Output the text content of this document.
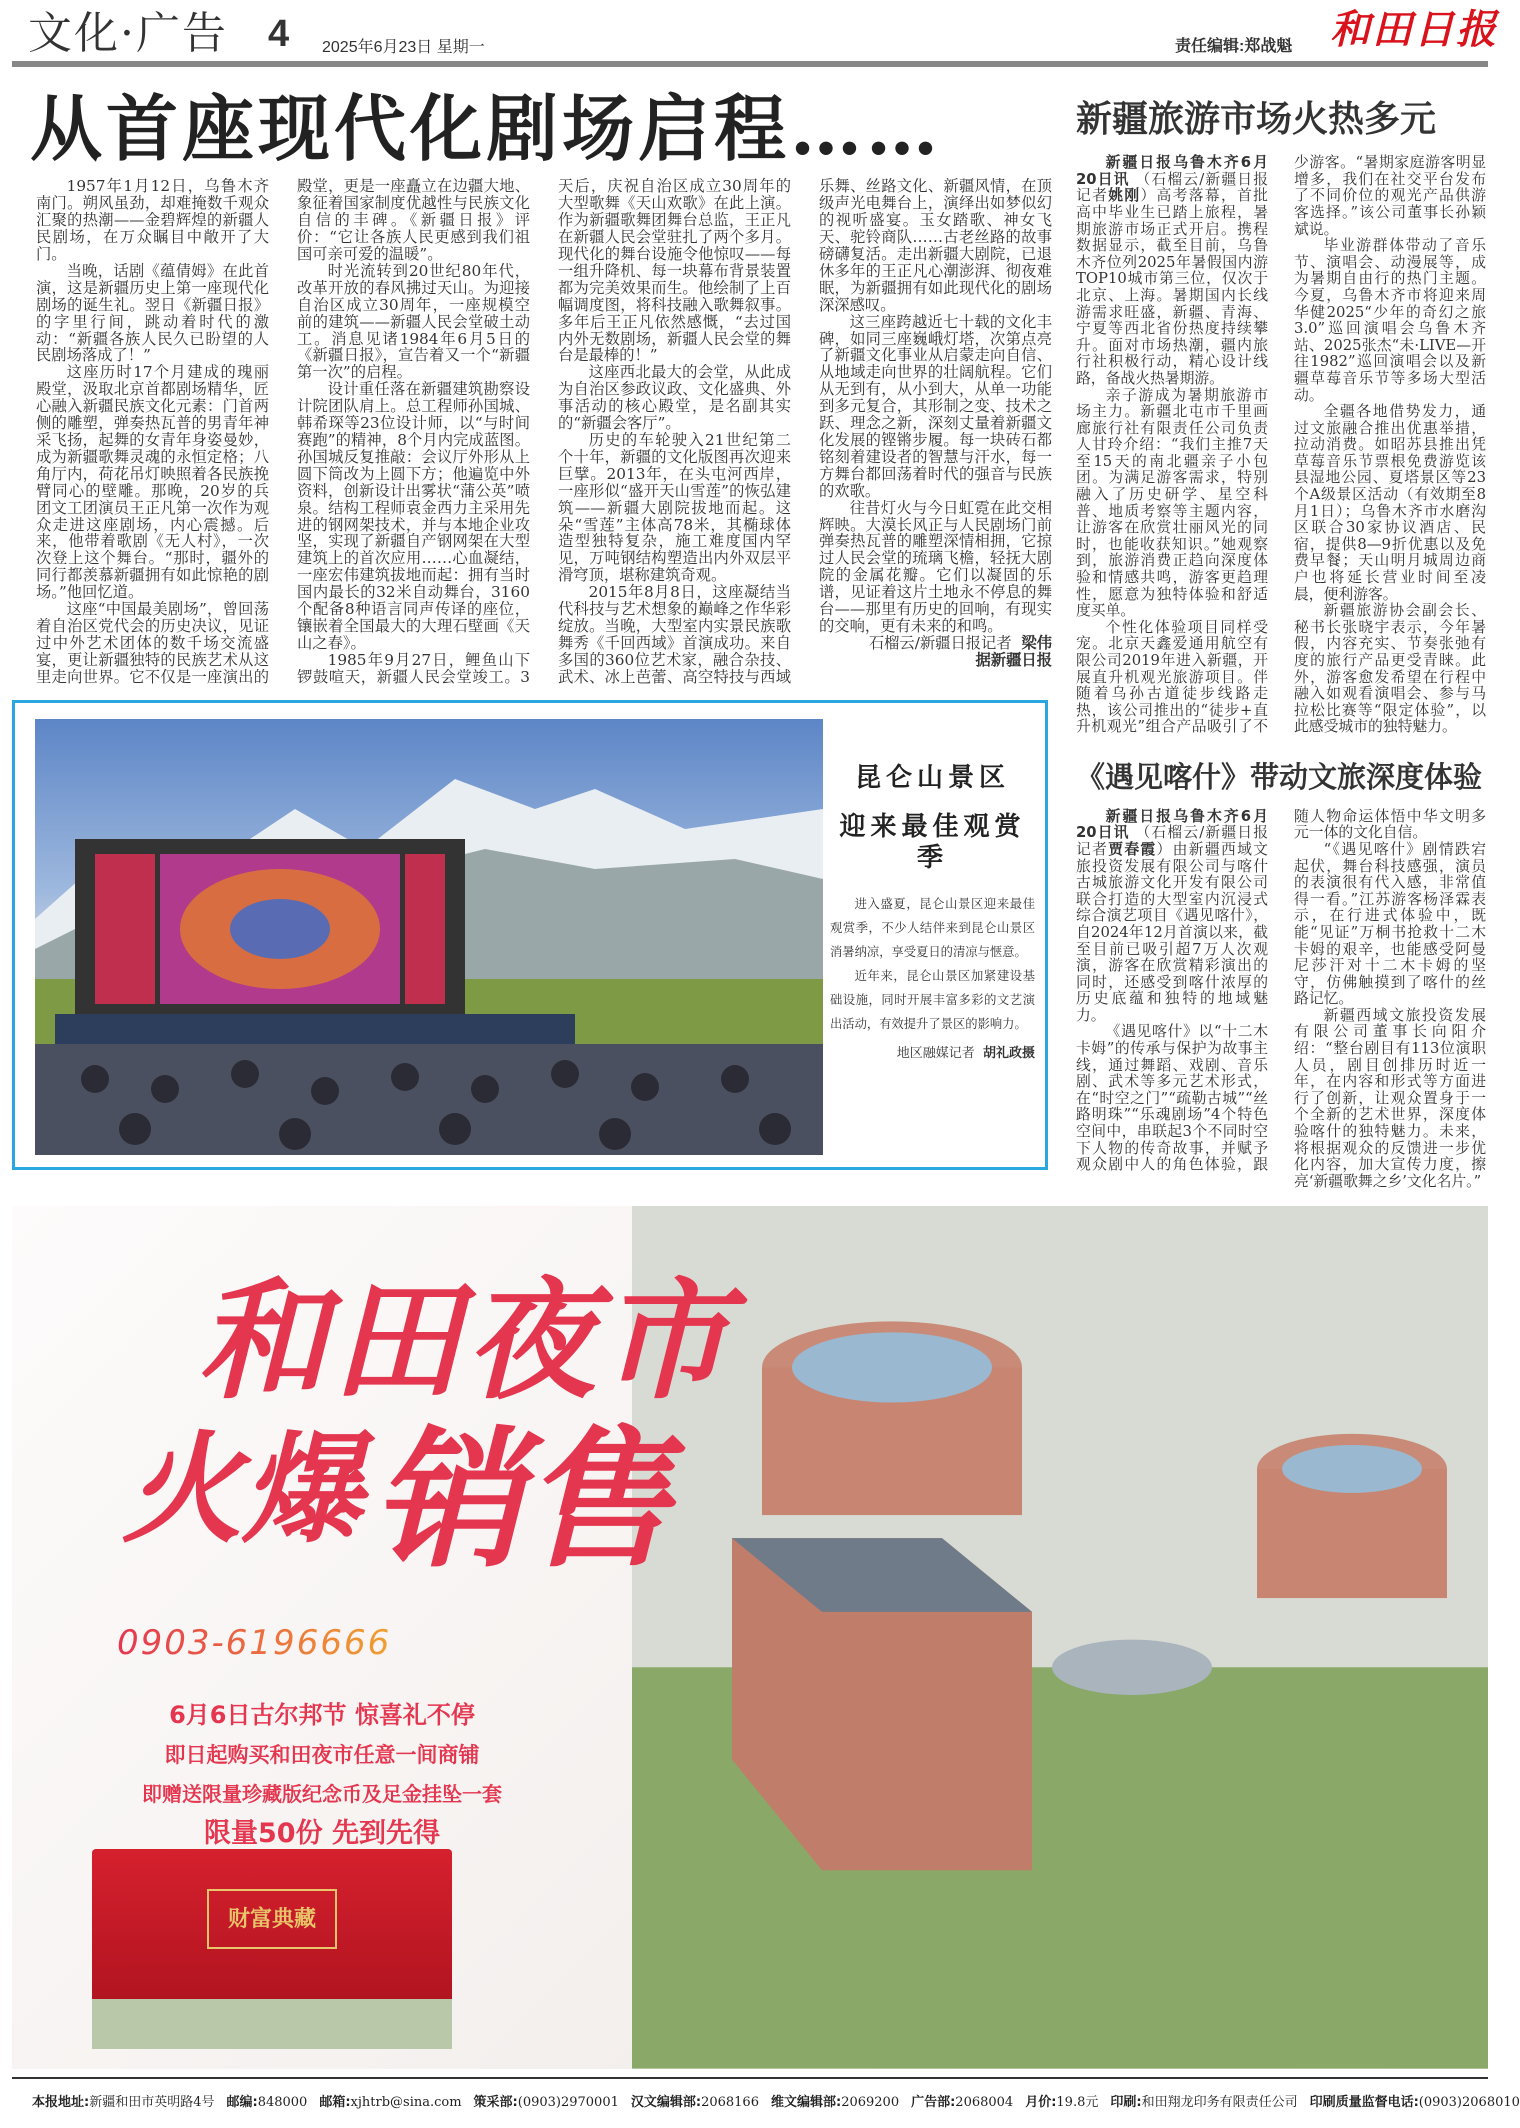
文化·广告 4 2025年6月23日 星期一	责任编辑:郑战魁 和田日报
从首座现代化剧场启程……

1957年1月12日，乌鲁木齐南门。朔风虽劲，却难掩数千观众汇聚的热潮——金碧辉煌的新疆人民剧场，在万众瞩目中敞开了大门。

当晚，话剧《蕴倩姆》在此首演，这是新疆历史上第一座现代化剧场的诞生礼。翌日《新疆日报》的字里行间，跳动着时代的激动：“新疆各族人民久已盼望的人民剧场落成了！”

这座历时17个月建成的瑰丽殿堂，汲取北京首都剧场精华，匠心融入新疆民族文化元素：门首两侧的雕塑，弹奏热瓦普的男青年神采飞扬，起舞的女青年身姿曼妙，成为新疆歌舞灵魂的永恒定格；八角厅内，荷花吊灯映照着各民族挽臂同心的壁雕。那晚，20岁的兵团文工团演员王正凡第一次作为观众走进这座剧场，内心震撼。后来，他带着歌剧《无人村》，一次次登上这个舞台。“那时，疆外的同行都羡慕新疆拥有如此惊艳的剧场。”他回忆道。

这座“中国最美剧场”，曾回荡着自治区党代会的历史决议，见证过中外艺术团体的数千场交流盛宴，更让新疆独特的民族艺术从这里走向世界。它不仅是一座演出的殿堂，更是一座矗立在边疆大地、象征着国家制度优越性与民族文化自信的丰碑。《新疆日报》评价：“它让各族人民更感到我们祖国可亲可爱的温暖”。

时光流转到20世纪80年代，改革开放的春风拂过天山。为迎接自治区成立30周年，一座规模空前的建筑——新疆人民会堂破土动工。消息见诸1984年6月5日的《新疆日报》，宣告着又一个“新疆第一次”的启程。

设计重任落在新疆建筑勘察设计院团队肩上。总工程师孙国城、韩希琛等23位设计师，以“与时间赛跑”的精神，8个月内完成蓝图。孙国城反复推敲：会议厅外形从上圆下筒改为上圆下方；他遍览中外资料，创新设计出雾状“蒲公英”喷泉。结构工程师袁金西力主采用先进的钢网架技术，并与本地企业攻坚，实现了新疆自产钢网架在大型建筑上的首次应用……心血凝结，一座宏伟建筑拔地而起：拥有当时国内最长的32米自动舞台，3160个配备8种语言同声传译的座位，镶嵌着全国最大的大理石壁画《天山之春》。

1985年9月27日，鲤鱼山下锣鼓喧天，新疆人民会堂竣工。3天后，庆祝自治区成立30周年的大型歌舞《天山欢歌》在此上演。作为新疆歌舞团舞台总监，王正凡在新疆人民会堂驻扎了两个多月。现代化的舞台设施令他惊叹——每一组升降机、每一块幕布背景装置都为完美效果而生。他绘制了上百幅调度图，将科技融入歌舞叙事。多年后王正凡依然感慨，“去过国内外无数剧场，新疆人民会堂的舞台是最棒的！”

这座西北最大的会堂，从此成为自治区参政议政、文化盛典、外事活动的核心殿堂，是名副其实的“新疆会客厅”。

历史的车轮驶入21世纪第二个十年，新疆的文化版图再次迎来巨擘。2013年，在头屯河西岸，一座形似“盛开天山雪莲”的恢弘建筑——新疆大剧院拔地而起。这朵“雪莲”主体高78米，其椭球体造型独特复杂，施工难度国内罕见，万吨钢结构塑造出内外双层平滑穹顶，堪称建筑奇观。

2015年8月8日，这座凝结当代科技与艺术想象的巅峰之作华彩绽放。当晚，大型室内实景民族歌舞秀《千回西域》首演成功。来自多国的360位艺术家，融合杂技、武术、冰上芭蕾、高空特技与西域乐舞、丝路文化、新疆风情，在顶级声光电舞台上，演绎出如梦似幻的视听盛宴。玉女踏歌、神女飞天、驼铃商队……古老丝路的故事磅礴复活。走出新疆大剧院，已退休多年的王正凡心潮澎湃、彻夜难眠，为新疆拥有如此现代化的剧场深深感叹。

这三座跨越近七十载的文化丰碑，如同三座巍峨灯塔，次第点亮了新疆文化事业从启蒙走向自信、从地域走向世界的壮阔航程。它们从无到有，从小到大，从单一功能到多元复合，其形制之变、技术之跃、理念之新，深刻丈量着新疆文化发展的铿锵步履。每一块砖石都铭刻着建设者的智慧与汗水，每一方舞台都回荡着时代的强音与民族的欢歌。

往昔灯火与今日虹霓在此交相辉映。大漠长风正与人民剧场门前弹奏热瓦普的雕塑深情相拥，它掠过人民会堂的琉璃飞檐，轻抚大剧院的金属花瓣。它们以凝固的乐谱，见证着这片土地永不停息的舞台——那里有历史的回响，有现实的交响，更有未来的和鸣。

石榴云/新疆日报记者 梁伟

据新疆日报

昆仑山景区
迎来最佳观赏季

进入盛夏，昆仑山景区迎来最佳观赏季，不少人结伴来到昆仑山景区消暑纳凉，享受夏日的清凉与惬意。

近年来，昆仑山景区加紧建设基础设施，同时开展丰富多彩的文艺演出活动，有效提升了景区的影响力。

地区融媒记者 胡礼政摄
新疆旅游市场火热多元

新疆日报乌鲁木齐6月20日讯 （石榴云/新疆日报记者姚刚）高考落幕，首批高中毕业生已踏上旅程，暑期旅游市场正式开启。携程数据显示，截至目前，乌鲁木齐位列2025年暑假国内游TOP10城市第三位，仅次于北京、上海。暑期国内长线游需求旺盛，新疆、青海、宁夏等西北省份热度持续攀升。面对市场热潮，疆内旅行社积极行动，精心设计线路，备战火热暑期游。

亲子游成为暑期旅游市场主力。新疆北屯市千里画廊旅行社有限责任公司负责人甘玲介绍：“我们主推7天至15天的南北疆亲子小包团。为满足游客需求，特别融入了历史研学、星空科普、地质考察等主题内容，让游客在欣赏壮丽风光的同时，也能收获知识。”她观察到，旅游消费正趋向深度体验和情感共鸣，游客更趋理性，愿意为独特体验和舒适度买单。

个性化体验项目同样受宠。北京天鑫爱通用航空有限公司2019年进入新疆，开展直升机观光旅游项目。伴随着乌孙古道徒步线路走热，该公司推出的“徒步+直升机观光”组合产品吸引了不少游客。“暑期家庭游客明显增多，我们在社交平台发布了不同价位的观光产品供游客选择。”该公司董事长孙颖斌说。

毕业游群体带动了音乐节、演唱会、动漫展等，成为暑期自由行的热门主题。今夏，乌鲁木齐市将迎来周华健2025“少年的奇幻之旅3.0”巡回演唱会乌鲁木齐站、2025张杰“未·LIVE—开往1982”巡回演唱会以及新疆草莓音乐节等多场大型活动。

全疆各地借势发力，通过文旅融合推出优惠举措，拉动消费。如昭苏县推出凭草莓音乐节票根免费游览该县湿地公园、夏塔景区等23个A级景区活动（有效期至8月1日）；乌鲁木齐市水磨沟区联合30家协议酒店、民宿，提供8—9折优惠以及免费早餐；天山明月城周边商户也将延长营业时间至凌晨，便利游客。

新疆旅游协会副会长、秘书长张晓宇表示，今年暑假，内容充实、节奏张弛有度的旅行产品更受青睐。此外，游客愈发希望在行程中融入如观看演唱会、参与马拉松比赛等“限定体验”，以此感受城市的独特魅力。

《遇见喀什》带动文旅深度体验

新疆日报乌鲁木齐6月20日讯 （石榴云/新疆日报记者贾春霞）由新疆西域文旅投资发展有限公司与喀什古城旅游文化开发有限公司联合打造的大型室内沉浸式综合演艺项目《遇见喀什》，自2024年12月首演以来，截至目前已吸引超7万人次观演，游客在欣赏精彩演出的同时，还感受到喀什浓厚的历史底蕴和独特的地域魅力。

《遇见喀什》以“十二木卡姆”的传承与保护为故事主线，通过舞蹈、戏剧、音乐剧、武术等多元艺术形式，在“时空之门”“疏勒古城”“丝路明珠”“乐魂剧场”4个特色空间中，串联起3个不同时空下人物的传奇故事，并赋予观众剧中人的角色体验，跟随人物命运体悟中华文明多元一体的文化自信。

“《遇见喀什》剧情跌宕起伏，舞台科技感强，演员的表演很有代入感，非常值得一看。”江苏游客杨泽霖表示，在行进式体验中，既能“见证”万桐书抢救十二木卡姆的艰辛，也能感受阿曼尼莎汗对十二木卡姆的坚守，仿佛触摸到了喀什的丝路记忆。

新疆西域文旅投资发展有限公司董事长向阳介绍：“整台剧目有113位演职人员，剧目创排历时近一年，在内容和形式等方面进行了创新，让观众置身于一个全新的艺术世界，深度体验喀什的独特魅力。未来，将根据观众的反馈进一步优化内容，加大宣传力度，擦亮‘新疆歌舞之乡’文化名片。”

和田夜市
火爆 销售
0903-6196666
6月6日古尔邦节 惊喜礼不停
即日起购买和田夜市任意一间商铺
即赠送限量珍藏版纪念币及足金挂坠一套
限量50份 先到先得
财富典藏
本报地址:新疆和田市英明路4号 邮编:848000 邮箱:xjhtrb@sina.com 策采部:(0903)2970001 汉文编辑部:2068166 维文编辑部:2069200 广告部:2068004 月价:19.8元 印刷:和田翔龙印务有限责任公司 印刷质量监督电话:(0903)2068010
